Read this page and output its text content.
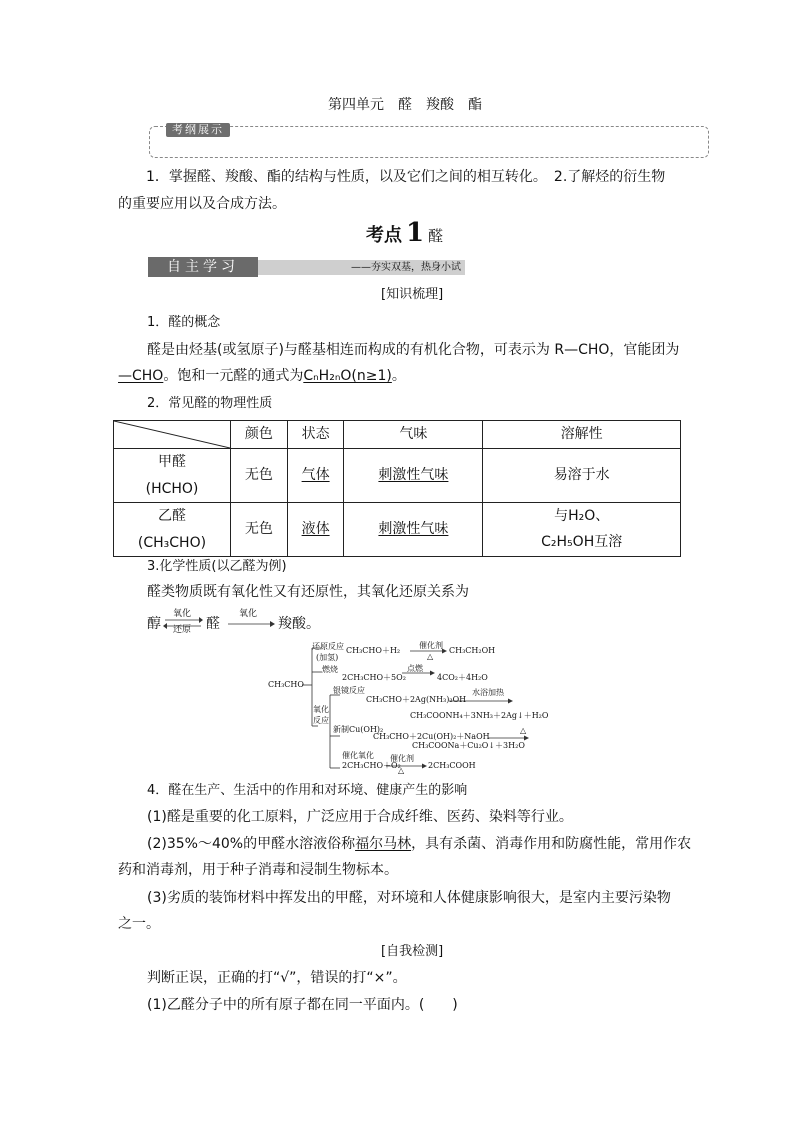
第四单元　醛　羧酸　酯
考纲展示
1．掌握醛、羧酸、酯的结构与性质，以及它们之间的相互转化。　2.了解烃的衍生物
的重要应用以及合成方法。
考点 1 醛
自主学习	——夯实双基，热身小试
[知识梳理]
1．醛的概念
醛是由烃基(或氢原子)与醛基相连而构成的有机化合物，可表示为 R—CHO，官能团为
—CHO。饱和一元醛的通式为CₙH₂ₙO(n≥1)。
2．常见醛的物理性质
	颜色	状态	气味	溶解性

甲醛
(HCHO)	无色	气体	刺激性气味	易溶于水

乙醛
(CH₃CHO)	无色	液体	刺激性气味	与H₂O、C₂H₅OH互溶
3.化学性质(以乙醛为例)
醛类物质既有氧化性又有还原性，其氧化还原关系为
醇
氧化
还原 醛
氧化
羧酸。
CH₃CHO
还原反应
(加氢)
CH₃CHO＋H₂
催化剂
△
CH₃CH₂OH
燃烧
2CH₃CHO＋5O₂
点燃
4CO₂＋4H₂O
氧化
反应
银镜反应
CH₃CHO＋2Ag(NH₃)₂OH
水浴加热
CH₃COONH₄＋3NH₃＋2Ag↓＋H₂O
新制Cu(OH)₂
CH₃CHO＋2Cu(OH)₂＋NaOH
△
CH₃COONa＋Cu₂O↓＋3H₂O
催化氧化
2CH₃CHO＋O₂
催化剂
△
2CH₃COOH
4．醛在生产、生活中的作用和对环境、健康产生的影响
(1)醛是重要的化工原料，广泛应用于合成纤维、医药、染料等行业。
(2)35%～40%的甲醛水溶液俗称福尔马林，具有杀菌、消毒作用和防腐性能，常用作农
药和消毒剂，用于种子消毒和浸制生物标本。
(3)劣质的装饰材料中挥发出的甲醛，对环境和人体健康影响很大，是室内主要污染物
之一。
[自我检测]
判断正误，正确的打“√”，错误的打“×”。
(1)乙醛分子中的所有原子都在同一平面内。(　　)
